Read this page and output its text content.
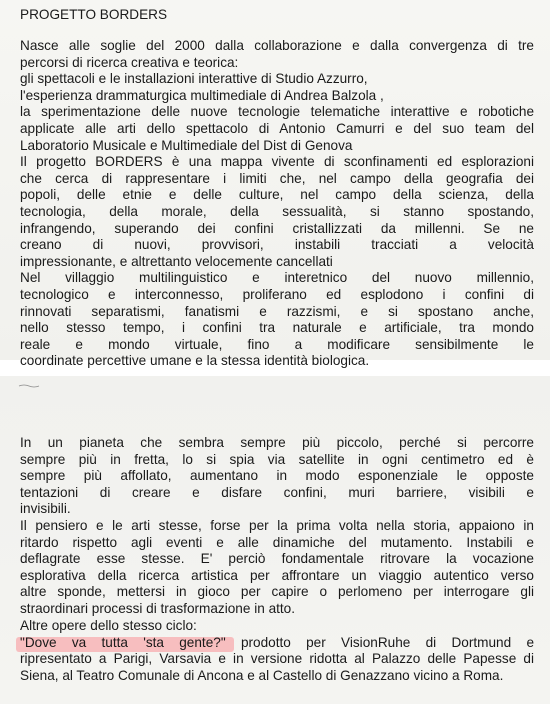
PROGETTO BORDERS
Nasce alle soglie del 2000 dalla collaborazione e dalla convergenza di tre
percorsi di ricerca creativa e teorica:
gli spettacoli e le installazioni interattive di Studio Azzurro,
l'esperienza drammaturgica multimediale di Andrea Balzola ,
la sperimentazione delle nuove tecnologie telematiche interattive e robotiche
applicate alle arti dello spettacolo di Antonio Camurri e del suo team del
Laboratorio Musicale e Multimediale del Dist di Genova
Il progetto BORDERS è una mappa vivente di sconfinamenti ed esplorazioni
che cerca di rappresentare i limiti che, nel campo della geografia dei
popoli, delle etnie e delle culture, nel campo della scienza, della
tecnologia, della morale, della sessualità, si stanno spostando,
infrangendo, superando dei confini cristallizzati da millenni. Se ne
creano di nuovi, provvisori, instabili tracciati a velocità
impressionante, e altrettanto velocemente cancellati
Nel villaggio multilinguistico e interetnico del nuovo millennio,
tecnologico e interconnesso, proliferano ed esplodono i confini di
rinnovati separatismi, fanatismi e razzismi, e si spostano anche,
nello stesso tempo, i confini tra naturale e artificiale, tra mondo
reale e mondo virtuale, fino a modificare sensibilmente le
coordinate percettive umane e la stessa identità biologica.
In un pianeta che sembra sempre più piccolo, perché si percorre
sempre più in fretta, lo si spia via satellite in ogni centimetro ed è
sempre più affollato, aumentano in modo esponenziale le opposte
tentazioni di creare e disfare confini, muri barriere, visibili e
invisibili.
Il pensiero e le arti stesse, forse per la prima volta nella storia, appaiono in
ritardo rispetto agli eventi e alle dinamiche del mutamento. Instabili e
deflagrate esse stesse. E' perciò fondamentale ritrovare la vocazione
esplorativa della ricerca artistica per affrontare un viaggio autentico verso
altre sponde, mettersi in gioco per capire o perlomeno per interrogare gli
straordinari processi di trasformazione in atto.
Altre opere dello stesso ciclo:
"Dove va tutta 'sta gente?" prodotto per VisionRuhe di Dortmund e
ripresentato a Parigi, Varsavia e in versione ridotta al Palazzo delle Papesse di
Siena, al Teatro Comunale di Ancona e al Castello di Genazzano vicino a Roma.
